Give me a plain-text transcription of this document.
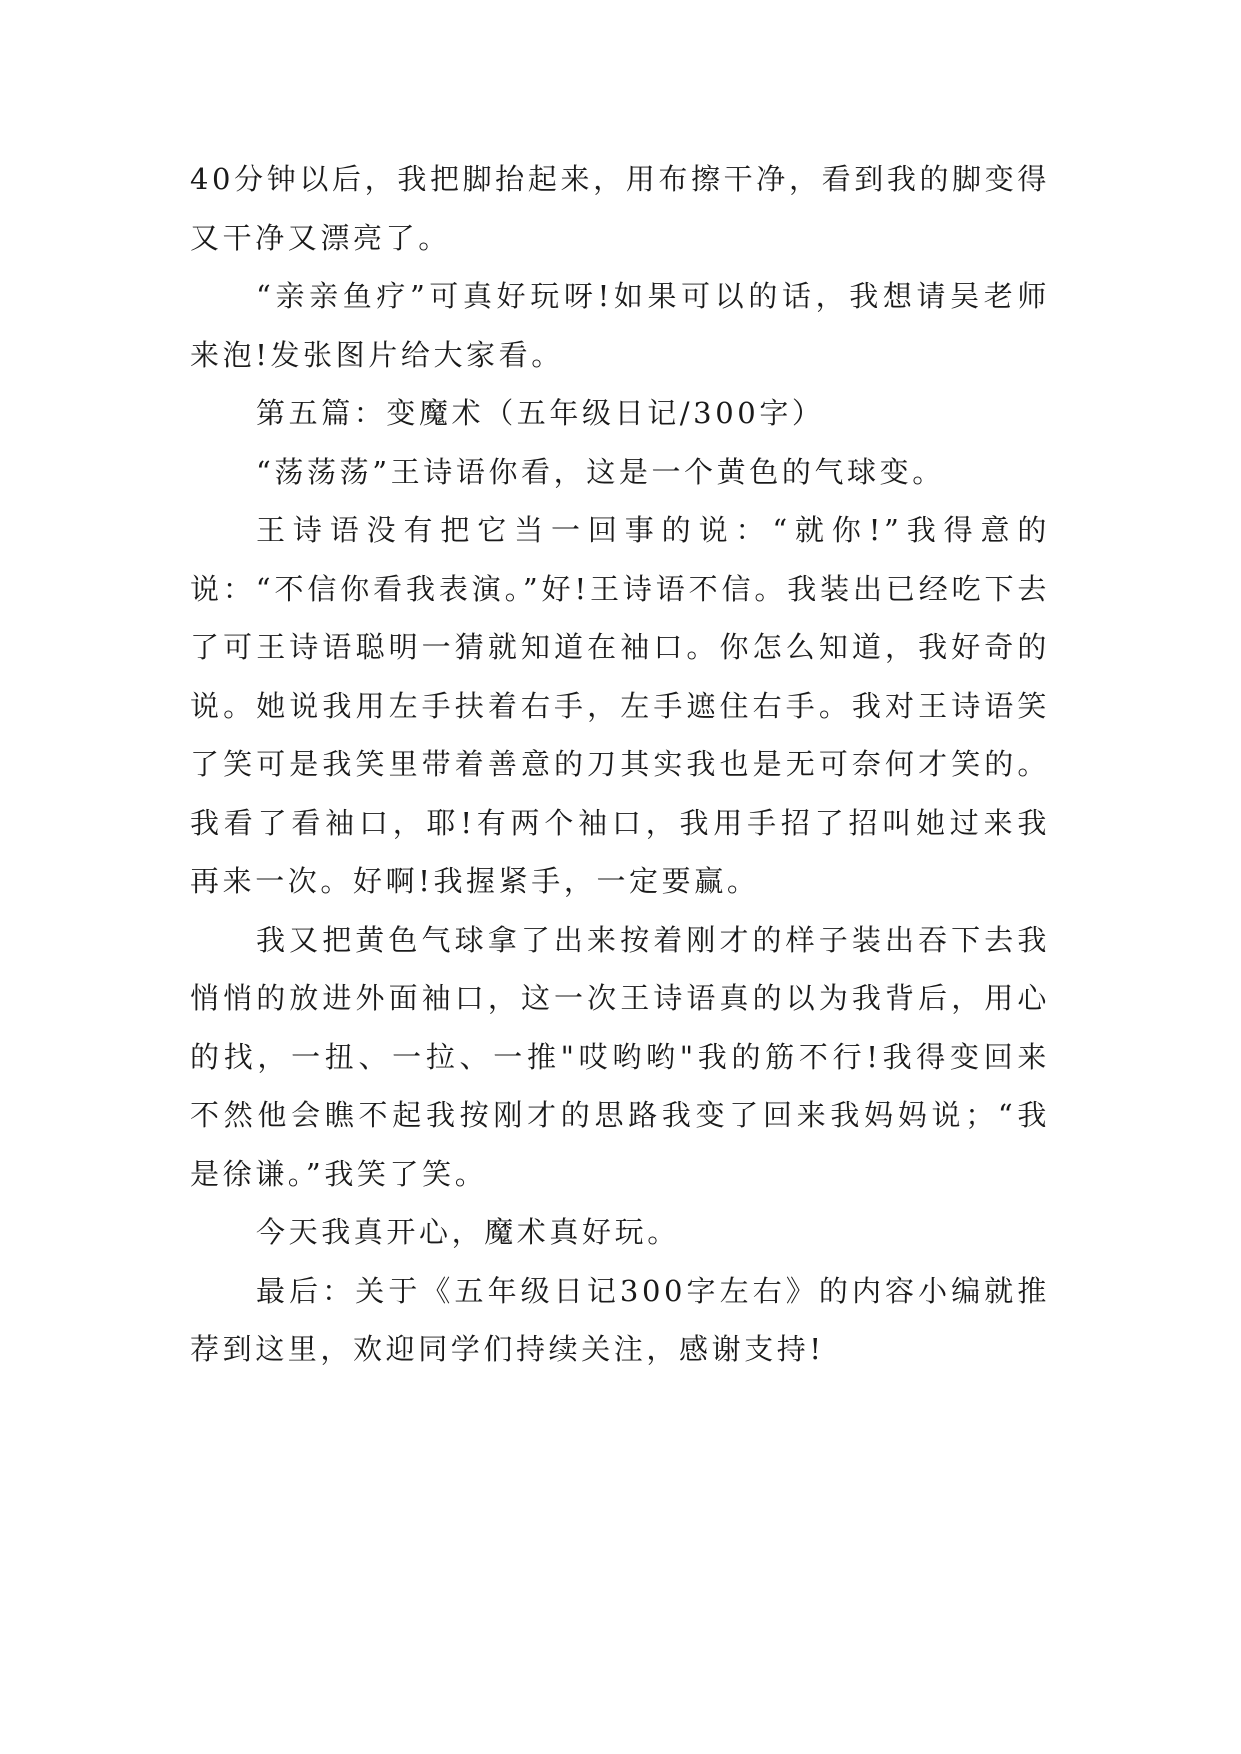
40分钟以后，我把脚抬起来，用布擦干净，看到我的脚变得又干净又漂亮了。

“亲亲鱼疗”可真好玩呀!如果可以的话，我想请吴老师来泡!发张图片给大家看。

第五篇：变魔术（五年级日记/300字）

“荡荡荡”王诗语你看，这是一个黄色的气球变。

王诗语没有把它当一回事的说：“就你!”我得意的说：“不信你看我表演。”好!王诗语不信。我装出已经吃下去了可王诗语聪明一猜就知道在袖口。你怎么知道，我好奇的说。她说我用左手扶着右手，左手遮住右手。我对王诗语笑了笑可是我笑里带着善意的刀其实我也是无可奈何才笑的。我看了看袖口，耶!有两个袖口，我用手招了招叫她过来我再来一次。好啊!我握紧手，一定要赢。

我又把黄色气球拿了出来按着刚才的样子装出吞下去我悄悄的放进外面袖口，这一次王诗语真的以为我背后，用心的找，一扭、一拉、一推"哎哟哟"我的筋不行!我得变回来不然他会瞧不起我按刚才的思路我变了回来我妈妈说；“我是徐谦。”我笑了笑。

今天我真开心，魔术真好玩。

最后：关于《五年级日记300字左右》的内容小编就推荐到这里，欢迎同学们持续关注，感谢支持!
